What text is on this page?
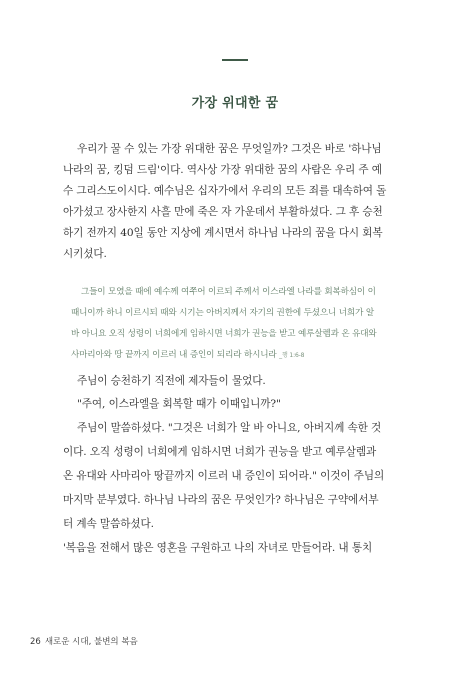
가장 위대한 꿈
우리가 꿀 수 있는 가장 위대한 꿈은 무엇일까? 그것은 바로 '하나님
나라의 꿈, 킹덤 드림'이다. 역사상 가장 위대한 꿈의 사람은 우리 주 예
수 그리스도이시다. 예수님은 십자가에서 우리의 모든 죄를 대속하여 돌
아가셨고 장사한지 사흘 만에 죽은 자 가운데서 부활하셨다. 그 후 승천
하기 전까지 40일 동안 지상에 계시면서 하나님 나라의 꿈을 다시 회복
시키셨다.
그들이 모였을 때에 예수께 여쭈어 이르되 주께서 이스라엘 나라를 회복하심이 이
때니이까 하니 이르시되 때와 시기는 아버지께서 자기의 권한에 두셨으니 너희가 알
바 아니요 오직 성령이 너희에게 임하시면 너희가 권능을 받고 예루살렘과 온 유대와
사마리아와 땅 끝까지 이르러 내 증인이 되리라 하시니라 _행 1:6-8
주님이 승천하기 직전에 제자들이 물었다.
"주여, 이스라엘을 회복할 때가 이때입니까?"
주님이 말씀하셨다. "그것은 너희가 알 바 아니요, 아버지께 속한 것
이다. 오직 성령이 너희에게 임하시면 너희가 권능을 받고 예루살렘과
온 유대와 사마리아 땅끝까지 이르러 내 증인이 되어라." 이것이 주님의
마지막 분부였다. 하나님 나라의 꿈은 무엇인가? 하나님은 구약에서부
터 계속 말씀하셨다.
'복음을 전해서 많은 영혼을 구원하고 나의 자녀로 만들어라. 내 통치
26 새로운 시대, 불변의 복음
